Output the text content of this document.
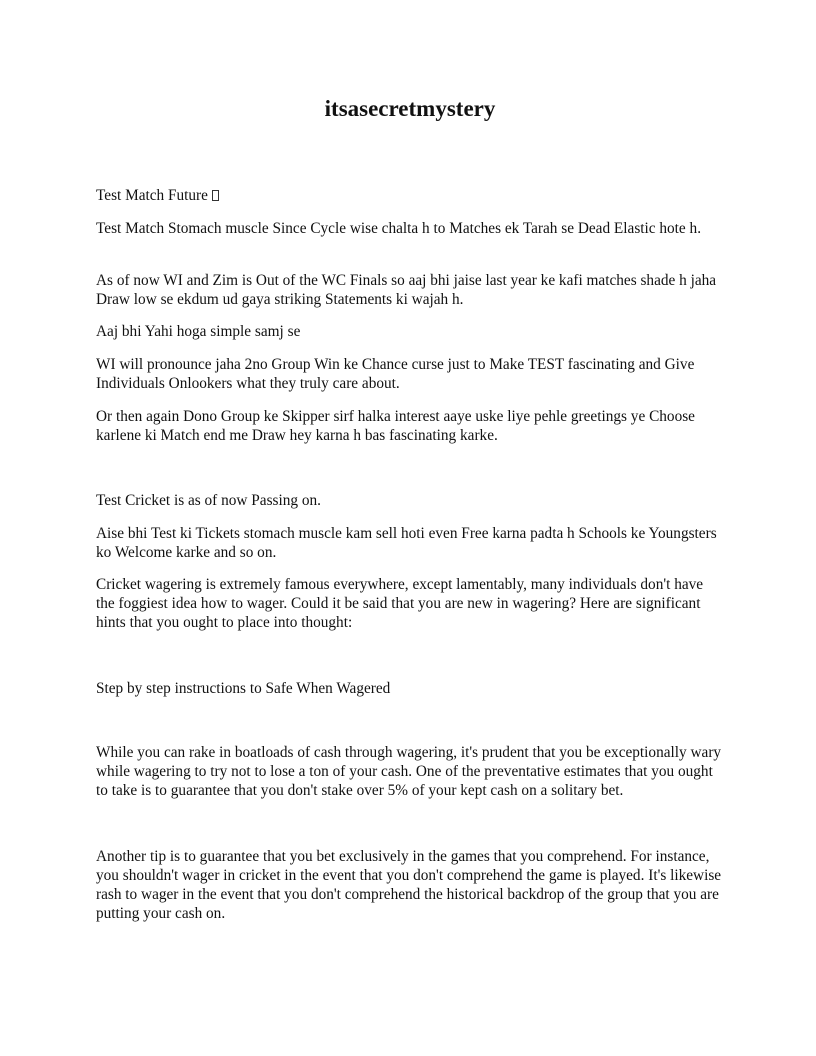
itsasecretmystery

Test Match Future

Test Match Stomach muscle Since Cycle wise chalta h to Matches ek Tarah se Dead Elastic hote h.

As of now WI and Zim is Out of the WC Finals so aaj bhi jaise last year ke kafi matches shade h jaha Draw low se ekdum ud gaya striking Statements ki wajah h.

Aaj bhi Yahi hoga simple samj se

WI will pronounce jaha 2no Group Win ke Chance curse just to Make TEST fascinating and Give Individuals Onlookers what they truly care about.

Or then again Dono Group ke Skipper sirf halka interest aaye uske liye pehle greetings ye Choose karlene ki Match end me Draw hey karna h bas fascinating karke.

Test Cricket is as of now Passing on.

Aise bhi Test ki Tickets stomach muscle kam sell hoti even Free karna padta h Schools ke Youngsters ko Welcome karke and so on.

Cricket wagering is extremely famous everywhere, except lamentably, many individuals don't have the foggiest idea how to wager. Could it be said that you are new in wagering? Here are significant hints that you ought to place into thought:

Step by step instructions to Safe When Wagered

While you can rake in boatloads of cash through wagering, it's prudent that you be exceptionally wary while wagering to try not to lose a ton of your cash. One of the preventative estimates that you ought to take is to guarantee that you don't stake over 5% of your kept cash on a solitary bet.

Another tip is to guarantee that you bet exclusively in the games that you comprehend. For instance, you shouldn't wager in cricket in the event that you don't comprehend the game is played. It's likewise rash to wager in the event that you don't comprehend the historical backdrop of the group that you are putting your cash on.
